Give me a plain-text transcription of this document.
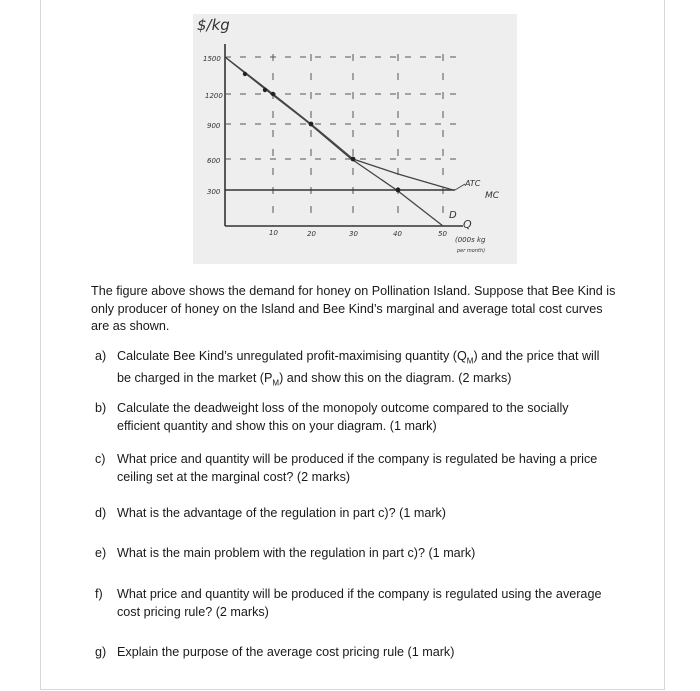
$/kg
1500
1200
900
600
300
10	20	30	40	50
ATC
MC
D
Q
(000s kg
per month)

The figure above shows the demand for honey on Pollination Island. Suppose that Bee Kind is only producer of honey on the Island and Bee Kind’s marginal and average total cost curves are as shown.

a) Calculate Bee Kind’s unregulated profit-maximising quantity $(Q_M)$ and the price that will be charged in the market $(P_M)$ and show this on the diagram. (2 marks)
b) Calculate the deadweight loss of the monopoly outcome compared to the socially efficient quantity and show this on your diagram. (1 mark)
c) What price and quantity will be produced if the company is regulated be having a price ceiling set at the marginal cost? (2 marks)
d) What is the advantage of the regulation in part c)? (1 mark)
e) What is the main problem with the regulation in part c)? (1 mark)
f)	What price and quantity will be produced if the company is regulated using the average cost pricing rule? (2 marks)
g) Explain the purpose of the average cost pricing rule (1 mark)
